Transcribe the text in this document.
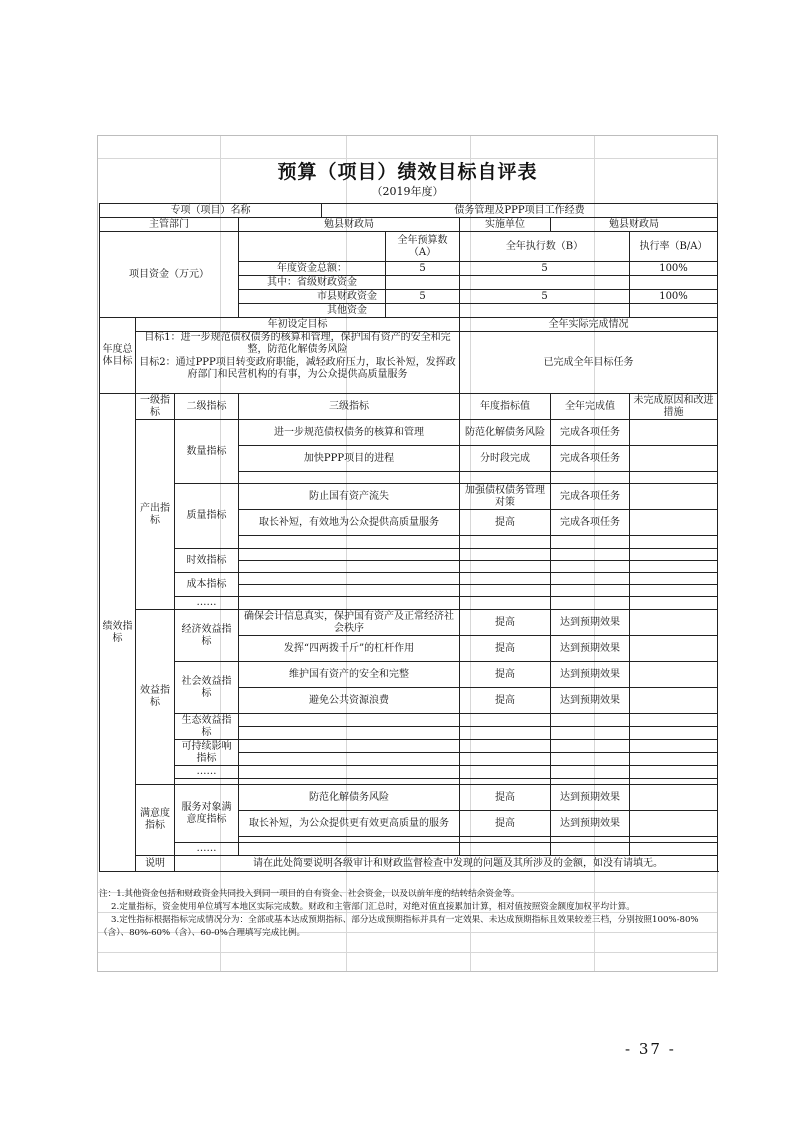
预算（项目）绩效目标自评表
（2019年度）
专项（项目）名称				债务管理及PPP项目工作经费				
主管部门			勉县财政局			实施单位	勉县财政局	
项目资金（万元）					全年预算数（A）	全年执行数（B）		执行率（B/A）
			年度资金总额：		5	5		100%
			其中：省级财政资金					
			市县财政资金		5	5		100%
			其他资金					
年度总体目标	年初设定目标					全年实际完成情况		
	目标1：进一步规范债权债务的核算和管理，保护国有资产的安全和完整，防范化解债务风险
目标2：通过PPP项目转变政府职能，减轻政府压力，取长补短，发挥政府部门和民营机构的有事，为公众提供高质量服务					已完成全年目标任务		
绩效指标	一级指标	二级指标	三级指标			年度指标值	全年完成值	未完成原因和改进措施
	产出指标	数量指标	进一步规范债权债务的核算和管理			防范化解债务风险	完成各项任务	
			加快PPP项目的进程			分时段完成	完成各项任务	

		质量指标	防止国有资产流失			加强债权债务管理对策	完成各项任务	
			取长补短，有效地为公众提供高质量服务			提高	完成各项任务	

		时效指标						

		成本指标						

		……						
	效益指标	经济效益指标	确保会计信息真实，保护国有资产及正常经济社会秩序			提高	达到预期效果	
			发挥“四两拨千斤”的杠杆作用			提高	达到预期效果	
		社会效益指标	维护国有资产的安全和完整			提高	达到预期效果	
			避免公共资源浪费			提高	达到预期效果	
		生态效益指标						

		可持续影响指标						

		……						

	满意度指标	服务对象满意度指标	防范化解债务风险			提高	达到预期效果	
			取长补短，为公众提供更有效更高质量的服务			提高	达到预期效果	

		……						
	说明	请在此处简要说明各级审计和财政监督检查中发现的问题及其所涉及的金额，如没有请填无。						

注：1.其他资金包括和财政资金共同投入到同一项目的自有资金、社会资金，以及以前年度的结转结余资金等。

2.定量指标，资金使用单位填写本地区实际完成数。财政和主管部门汇总时，对绝对值直接累加计算，相对值按照资金额度加权平均计算。

3.定性指标根据指标完成情况分为：全部或基本达成预期指标、部分达成预期指标并具有一定效果、未达成预期指标且效果较差三档，分别按照100%-80%（含）、80%-60%（含）、60-0%合理填写完成比例。

- 37 -
